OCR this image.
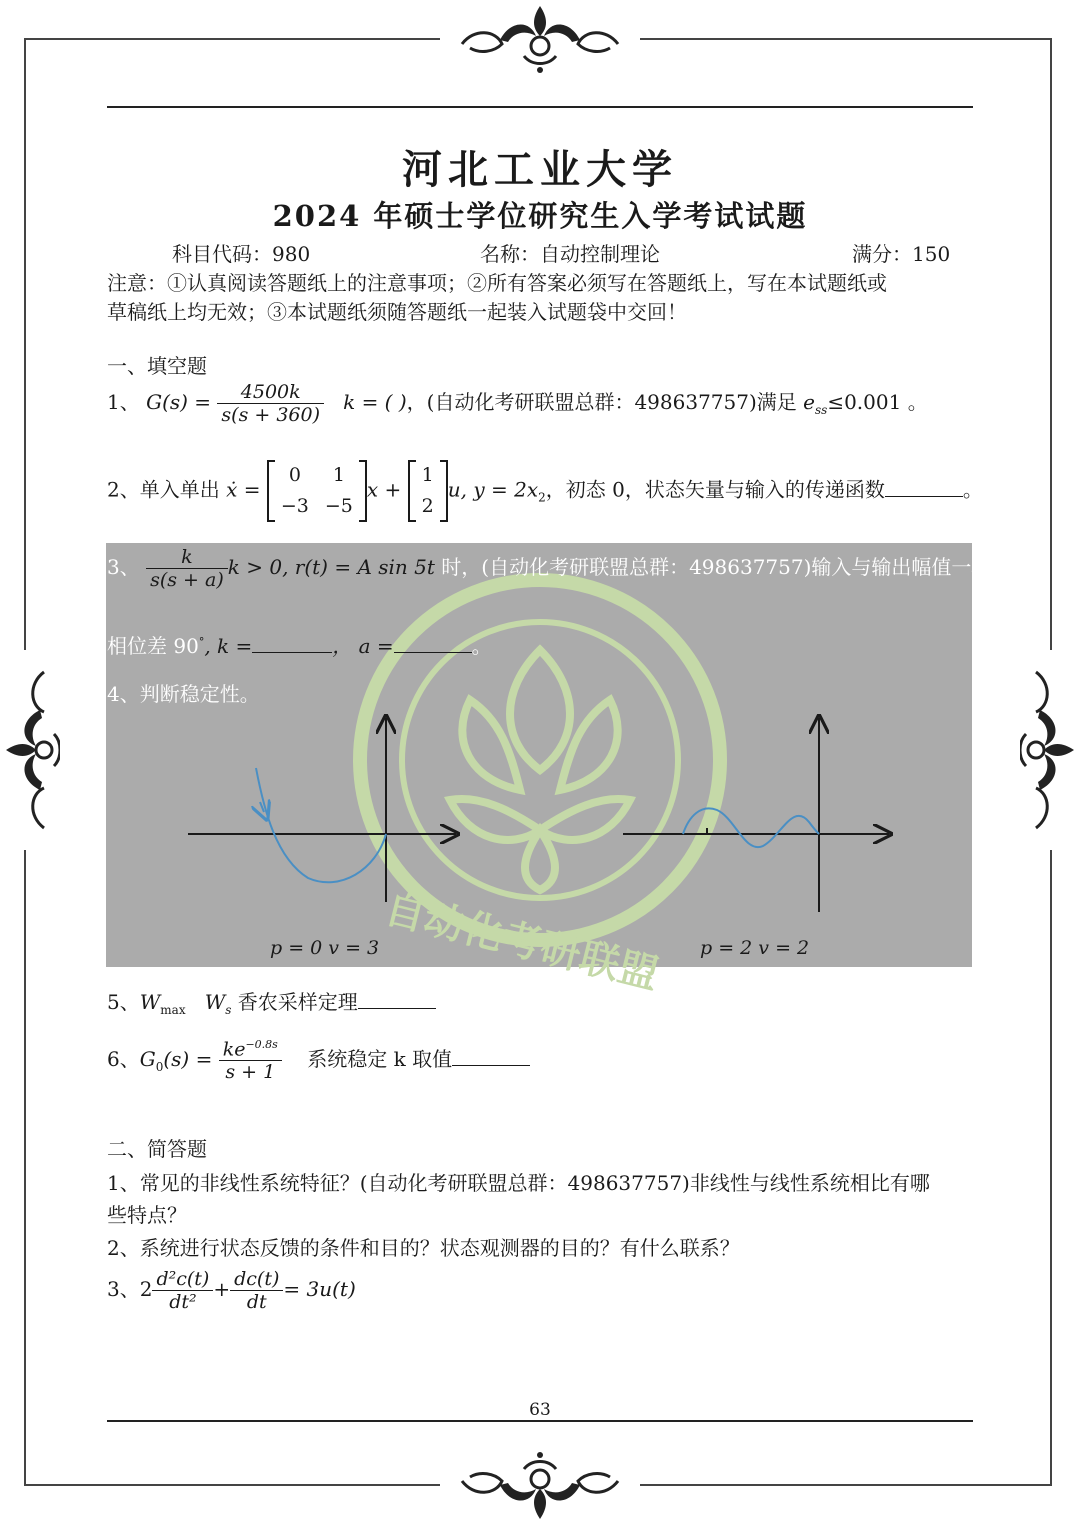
河北工业大学
2024 年硕士学位研究生入学考试试题
科目代码：980	名称：自动控制理论	满分：150
注意：①认真阅读答题纸上的注意事项；②所有答案必须写在答题纸上，写在本试题纸或
草稿纸上均无效；③本试题纸须随答题纸一起装入试题袋中交回！
一、填空题
1、 $G(s) = \frac{4500k}{s(s + 360)}$ k = ( )，(自动化考研联盟总群：498637757)满足 $e_{ss}\le 0.001$ 。
2、单入单出 ẋ =
0	1
−3	−5
x +
1
2
u, $y = 2x_2$，初态 0，状态矢量与输入的传递函数	。
自动化考研联盟
3、 $\frac{k}{s(s + a)}$ k > 0, r(t) = A sin 5t 时，(自动化考研联盟总群：498637757)输入与输出幅值一样，
相位差 90°, k =	， a =	。
4、判断稳定性。
p = 0 v = 3	p = 2 v = 2
5、$W_{max}$ $W_s$ 香农采样定理
6、$G_0(s) = \frac{ke^{-0.8s}}{s + 1}$ 系统稳定 k 取值
二、简答题
1、常见的非线性系统特征？(自动化考研联盟总群：498637757)非线性与线性系统相比有哪
些特点？
2、系统进行状态反馈的条件和目的？状态观测器的目的？有什么联系？
3、$2 \frac{\text{d²c(t)}}{\text{dt²}} + \frac{dc(t)}{dt} = 3u(t)$
63
